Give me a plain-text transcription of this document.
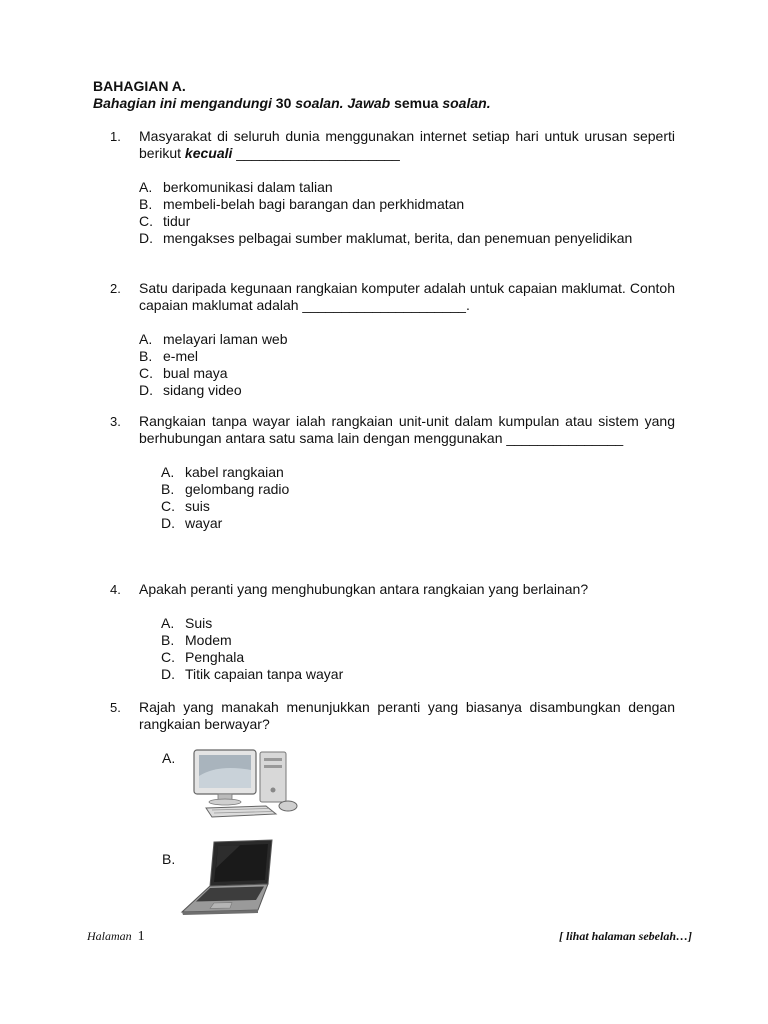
BAHAGIAN A.
Bahagian ini mengandungi 30 soalan. Jawab semua soalan.
1.	Masyarakat di seluruh dunia menggunakan internet setiap hari untuk urusan seperti berikut kecuali _____________________
A. berkomunikasi dalam talian
B. membeli-belah bagi barangan dan perkhidmatan
C. tidur
D. mengakses pelbagai sumber maklumat, berita, dan penemuan penyelidikan
2.	Satu daripada kegunaan rangkaian komputer adalah untuk capaian maklumat. Contoh capaian maklumat adalah _____________________.
A. melayari laman web
B. e-mel
C. bual maya
D. sidang video
3.	Rangkaian tanpa wayar ialah rangkaian unit-unit dalam kumpulan atau sistem yang berhubungan antara satu sama lain dengan menggunakan _______________
A. kabel rangkaian
B. gelombang radio
C. suis
D. wayar
4.	Apakah peranti yang menghubungkan antara rangkaian yang berlainan?
A. Suis
B. Modem
C. Penghala
D. Titik capaian tanpa wayar
5.	Rajah yang manakah menunjukkan peranti yang biasanya disambungkan dengan rangkaian berwayar?
A.
B.
Halaman 1	[ lihat halaman sebelah…]
